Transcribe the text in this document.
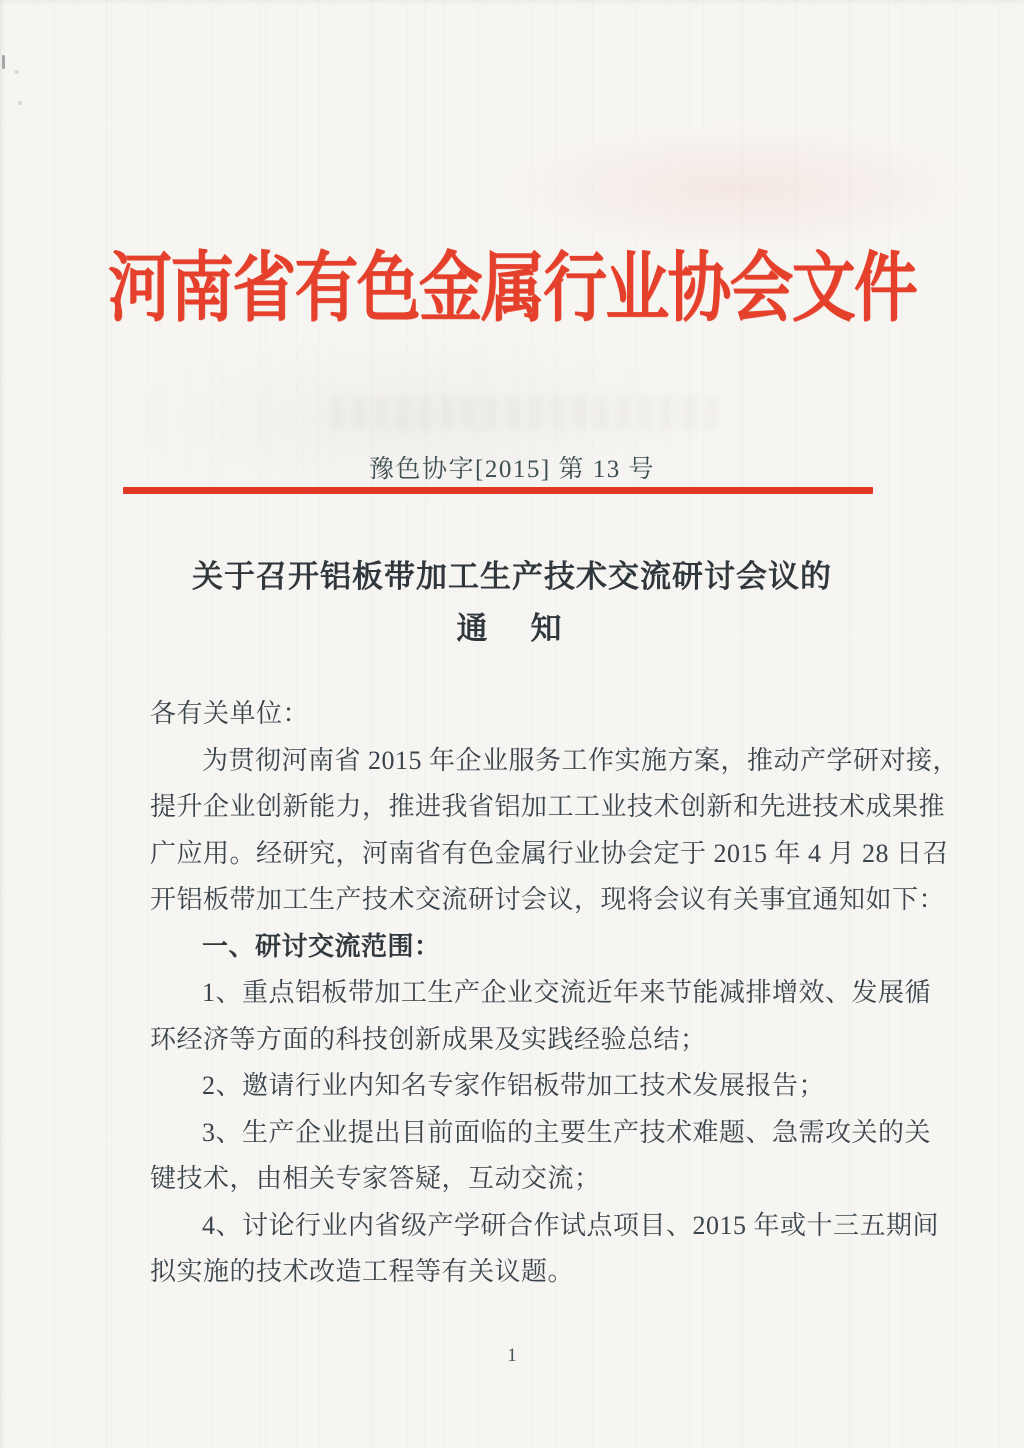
河南省有色金属行业协会文件
豫色协字[2015] 第 13 号
关于召开铝板带加工生产技术交流研讨会议的
通　知
各有关单位：
为贯彻河南省 2015 年企业服务工作实施方案，推动产学研对接，
提升企业创新能力，推进我省铝加工工业技术创新和先进技术成果推
广应用。经研究，河南省有色金属行业协会定于 2015 年 4 月 28 日召
开铝板带加工生产技术交流研讨会议，现将会议有关事宜通知如下：
一、研讨交流范围：
1、重点铝板带加工生产企业交流近年来节能减排增效、发展循
环经济等方面的科技创新成果及实践经验总结；
2、邀请行业内知名专家作铝板带加工技术发展报告；
3、生产企业提出目前面临的主要生产技术难题、急需攻关的关
键技术，由相关专家答疑，互动交流；
4、讨论行业内省级产学研合作试点项目、2015 年或十三五期间
拟实施的技术改造工程等有关议题。
1
